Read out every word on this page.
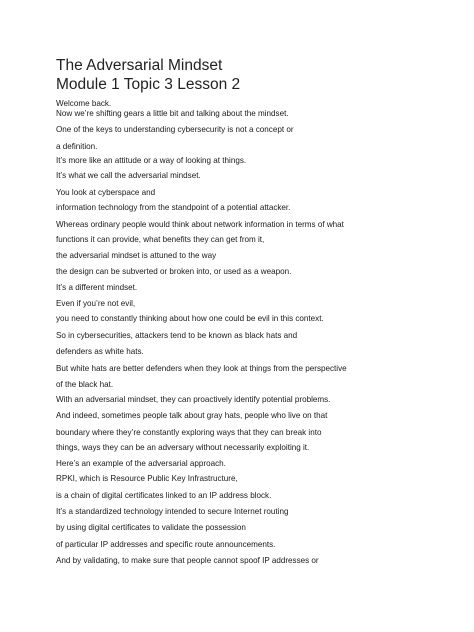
The Adversarial Mindset
Module 1 Topic 3 Lesson 2
Welcome back.
Now we’re shifting gears a little bit and talking about the mindset.
One of the keys to understanding cybersecurity is not a concept or
a definition.
It’s more like an attitude or a way of looking at things.
It’s what we call the adversarial mindset.
You look at cyberspace and
information technology from the standpoint of a potential attacker.
Whereas ordinary people would think about network information in terms of what
functions it can provide, what benefits they can get from it,
the adversarial mindset is attuned to the way
the design can be subverted or broken into, or used as a weapon.
It’s a different mindset.
Even if you’re not evil,
you need to constantly thinking about how one could be evil in this context.
So in cybersecurities, attackers tend to be known as black hats and
defenders as white hats.
But white hats are better defenders when they look at things from the perspective
of the black hat.
With an adversarial mindset, they can proactively identify potential problems.
And indeed, sometimes people talk about gray hats, people who live on that
boundary where they’re constantly exploring ways that they can break into
things, ways they can be an adversary without necessarily exploiting it.
Here’s an example of the adversarial approach.
RPKI, which is Resource Public Key Infrastructure,
is a chain of digital certificates linked to an IP address block.
It’s a standardized technology intended to secure Internet routing
by using digital certificates to validate the possession
of particular IP addresses and specific route announcements.
And by validating, to make sure that people cannot spoof IP addresses or
